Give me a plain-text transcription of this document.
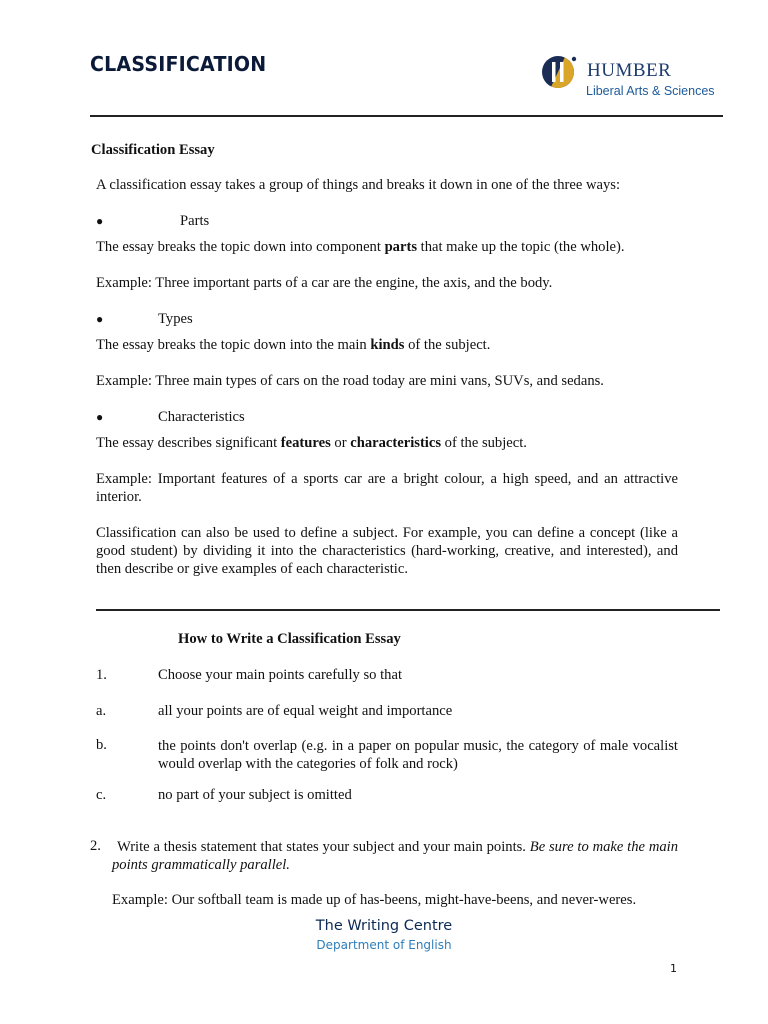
CLASSIFICATION	HUMBER
Liberal Arts & Sciences
Classification Essay
A classification essay takes a group of things and breaks it down in one of the three ways:
●	Parts
The essay breaks the topic down into component parts that make up the topic (the whole).
Example: Three important parts of a car are the engine, the axis, and the body.
●	Types
The essay breaks the topic down into the main kinds of the subject.
Example: Three main types of cars on the road today are mini vans, SUVs, and sedans.
●	Characteristics
The essay describes significant features or characteristics of the subject.
Example: Important features of a sports car are a bright colour, a high speed, and an attractive interior.
Classification can also be used to define a subject. For example, you can define a concept (like a good student) by dividing it into the characteristics (hard-working, creative, and interested), and then describe or give examples of each characteristic.
How to Write a Classification Essay
1.	Choose your main points carefully so that
a.	all your points are of equal weight and importance
b.	the points don't overlap (e.g. in a paper on popular music, the category of male vocalist would overlap with the categories of folk and rock)
c.	no part of your subject is omitted
2.	Write a thesis statement that states your subject and your main points. Be sure to make the main points grammatically parallel.
Example: Our softball team is made up of has-beens, might-have-beens, and never-weres.
The Writing Centre
Department of English
1
